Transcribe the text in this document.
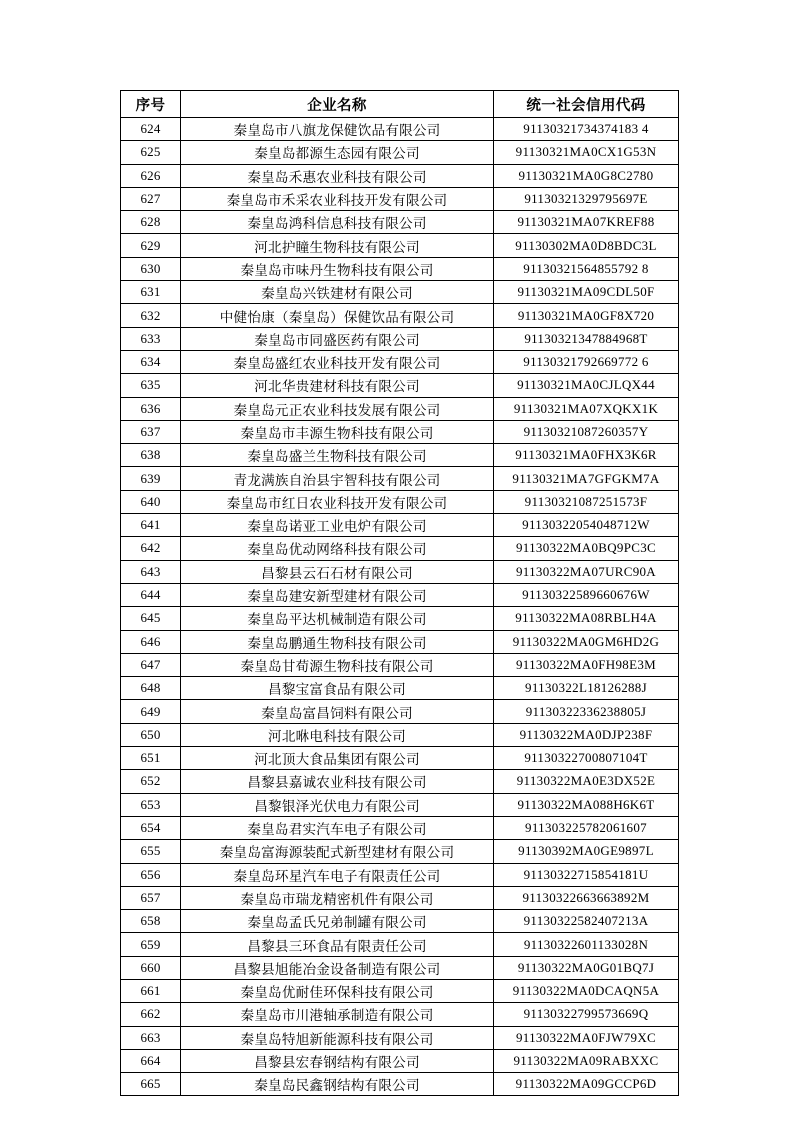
序号	企业名称	统一社会信用代码
624	秦皇岛市八旗龙保健饮品有限公司	91130321734374183 4
625	秦皇岛都源生态园有限公司	91130321MA0CX1G53N
626	秦皇岛禾惠农业科技有限公司	91130321MA0G8C2780
627	秦皇岛市禾采农业科技开发有限公司	91130321329795697E
628	秦皇岛鸿科信息科技有限公司	91130321MA07KREF88
629	河北护瞳生物科技有限公司	91130302MA0D8BDC3L
630	秦皇岛市味丹生物科技有限公司	91130321564855792 8
631	秦皇岛兴铁建材有限公司	91130321MA09CDL50F
632	中健怡康（秦皇岛）保健饮品有限公司	91130321MA0GF8X720
633	秦皇岛市同盛医药有限公司	91130321347884968T
634	秦皇岛盛红农业科技开发有限公司	91130321792669772 6
635	河北华贵建材科技有限公司	91130321MA0CJLQX44
636	秦皇岛元正农业科技发展有限公司	91130321MA07XQKX1K
637	秦皇岛市丰源生物科技有限公司	91130321087260357Y
638	秦皇岛盛兰生物科技有限公司	91130321MA0FHX3K6R
639	青龙满族自治县宇智科技有限公司	91130321MA7GFGKM7A
640	秦皇岛市红日农业科技开发有限公司	91130321087251573F
641	秦皇岛诺亚工业电炉有限公司	91130322054048712W
642	秦皇岛优动网络科技有限公司	91130322MA0BQ9PC3C
643	昌黎县云石石材有限公司	91130322MA07URC90A
644	秦皇岛建安新型建材有限公司	91130322589660676W
645	秦皇岛平达机械制造有限公司	91130322MA08RBLH4A
646	秦皇岛鹏通生物科技有限公司	91130322MA0GM6HD2G
647	秦皇岛甘荀源生物科技有限公司	91130322MA0FH98E3M
648	昌黎宝富食品有限公司	91130322L18126288J
649	秦皇岛富昌饲料有限公司	91130322336238805J
650	河北咻电科技有限公司	91130322MA0DJP238F
651	河北顶大食品集团有限公司	91130322700807104T
652	昌黎县嘉诚农业科技有限公司	91130322MA0E3DX52E
653	昌黎银泽光伏电力有限公司	91130322MA088H6K6T
654	秦皇岛君实汽车电子有限公司	911303225782061607
655	秦皇岛富海源装配式新型建材有限公司	91130392MA0GE9897L
656	秦皇岛环星汽车电子有限责任公司	91130322715854181U
657	秦皇岛市瑞龙精密机件有限公司	91130322663663892M
658	秦皇岛孟氏兄弟制罐有限公司	91130322582407213A
659	昌黎县三环食品有限责任公司	91130322601133028N
660	昌黎县旭能冶金设备制造有限公司	91130322MA0G01BQ7J
661	秦皇岛优耐佳环保科技有限公司	91130322MA0DCAQN5A
662	秦皇岛市川港轴承制造有限公司	91130322799573669Q
663	秦皇岛特旭新能源科技有限公司	91130322MA0FJW79XC
664	昌黎县宏春钢结构有限公司	91130322MA09RABXXC
665	秦皇岛民鑫钢结构有限公司	91130322MA09GCCP6D
